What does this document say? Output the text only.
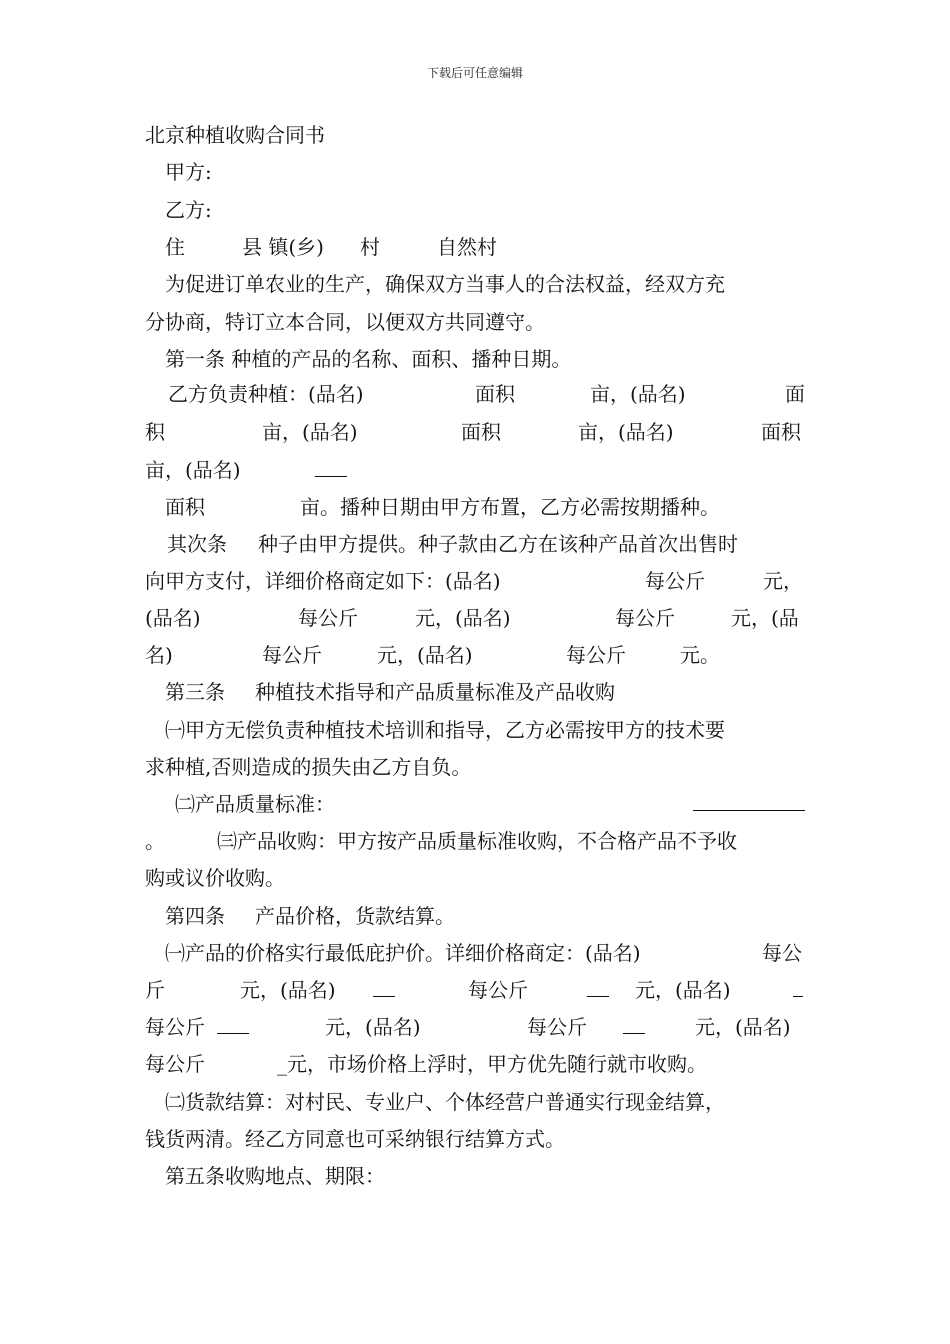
下载后可任意编辑
北京种植收购合同书
甲方:
乙方:
住	县 镇(乡) 村	自然村
为促进订单农业的生产，确保双方当事人的合法权益，经双方充
分协商，特订立本合同，以便双方共同遵守。
第一条 种植的产品的名称、面积、播种日期。
乙方负责种植：(品名)	面积	亩，(品名)	面
积	亩，(品名)	面积	亩，(品名)	面积
亩，(品名)
面积	亩。播种日期由甲方布置，乙方必需按期播种。
其次条 种子由甲方提供。种子款由乙方在该种产品首次出售时
向甲方支付，详细价格商定如下：(品名)	每公斤	元，
(品名)	每公斤	元，(品名)	每公斤	元，(品
名)	每公斤	元，(品名)	每公斤	元。
第三条 种植技术指导和产品质量标准及产品收购
㈠甲方无偿负责种植技术培训和指导，乙方必需按甲方的技术要
求种植,否则造成的损失由乙方自负。
㈡产品质量标准：
。	㈢产品收购：甲方按产品质量标准收购，不合格产品不予收
购或议价收购。
第四条 产品价格，货款结算。
㈠产品的价格实行最低庇护价。详细价格商定：(品名)	每公
斤	元，(品名)	每公斤	元，(品名)
每公斤	元，(品名)	每公斤	元，(品名)
每公斤	_元，市场价格上浮时，甲方优先随行就市收购。
㈡货款结算：对村民、专业户、个体经营户普通实行现金结算，
钱货两清。经乙方同意也可采纳银行结算方式。
第五条收购地点、期限：
